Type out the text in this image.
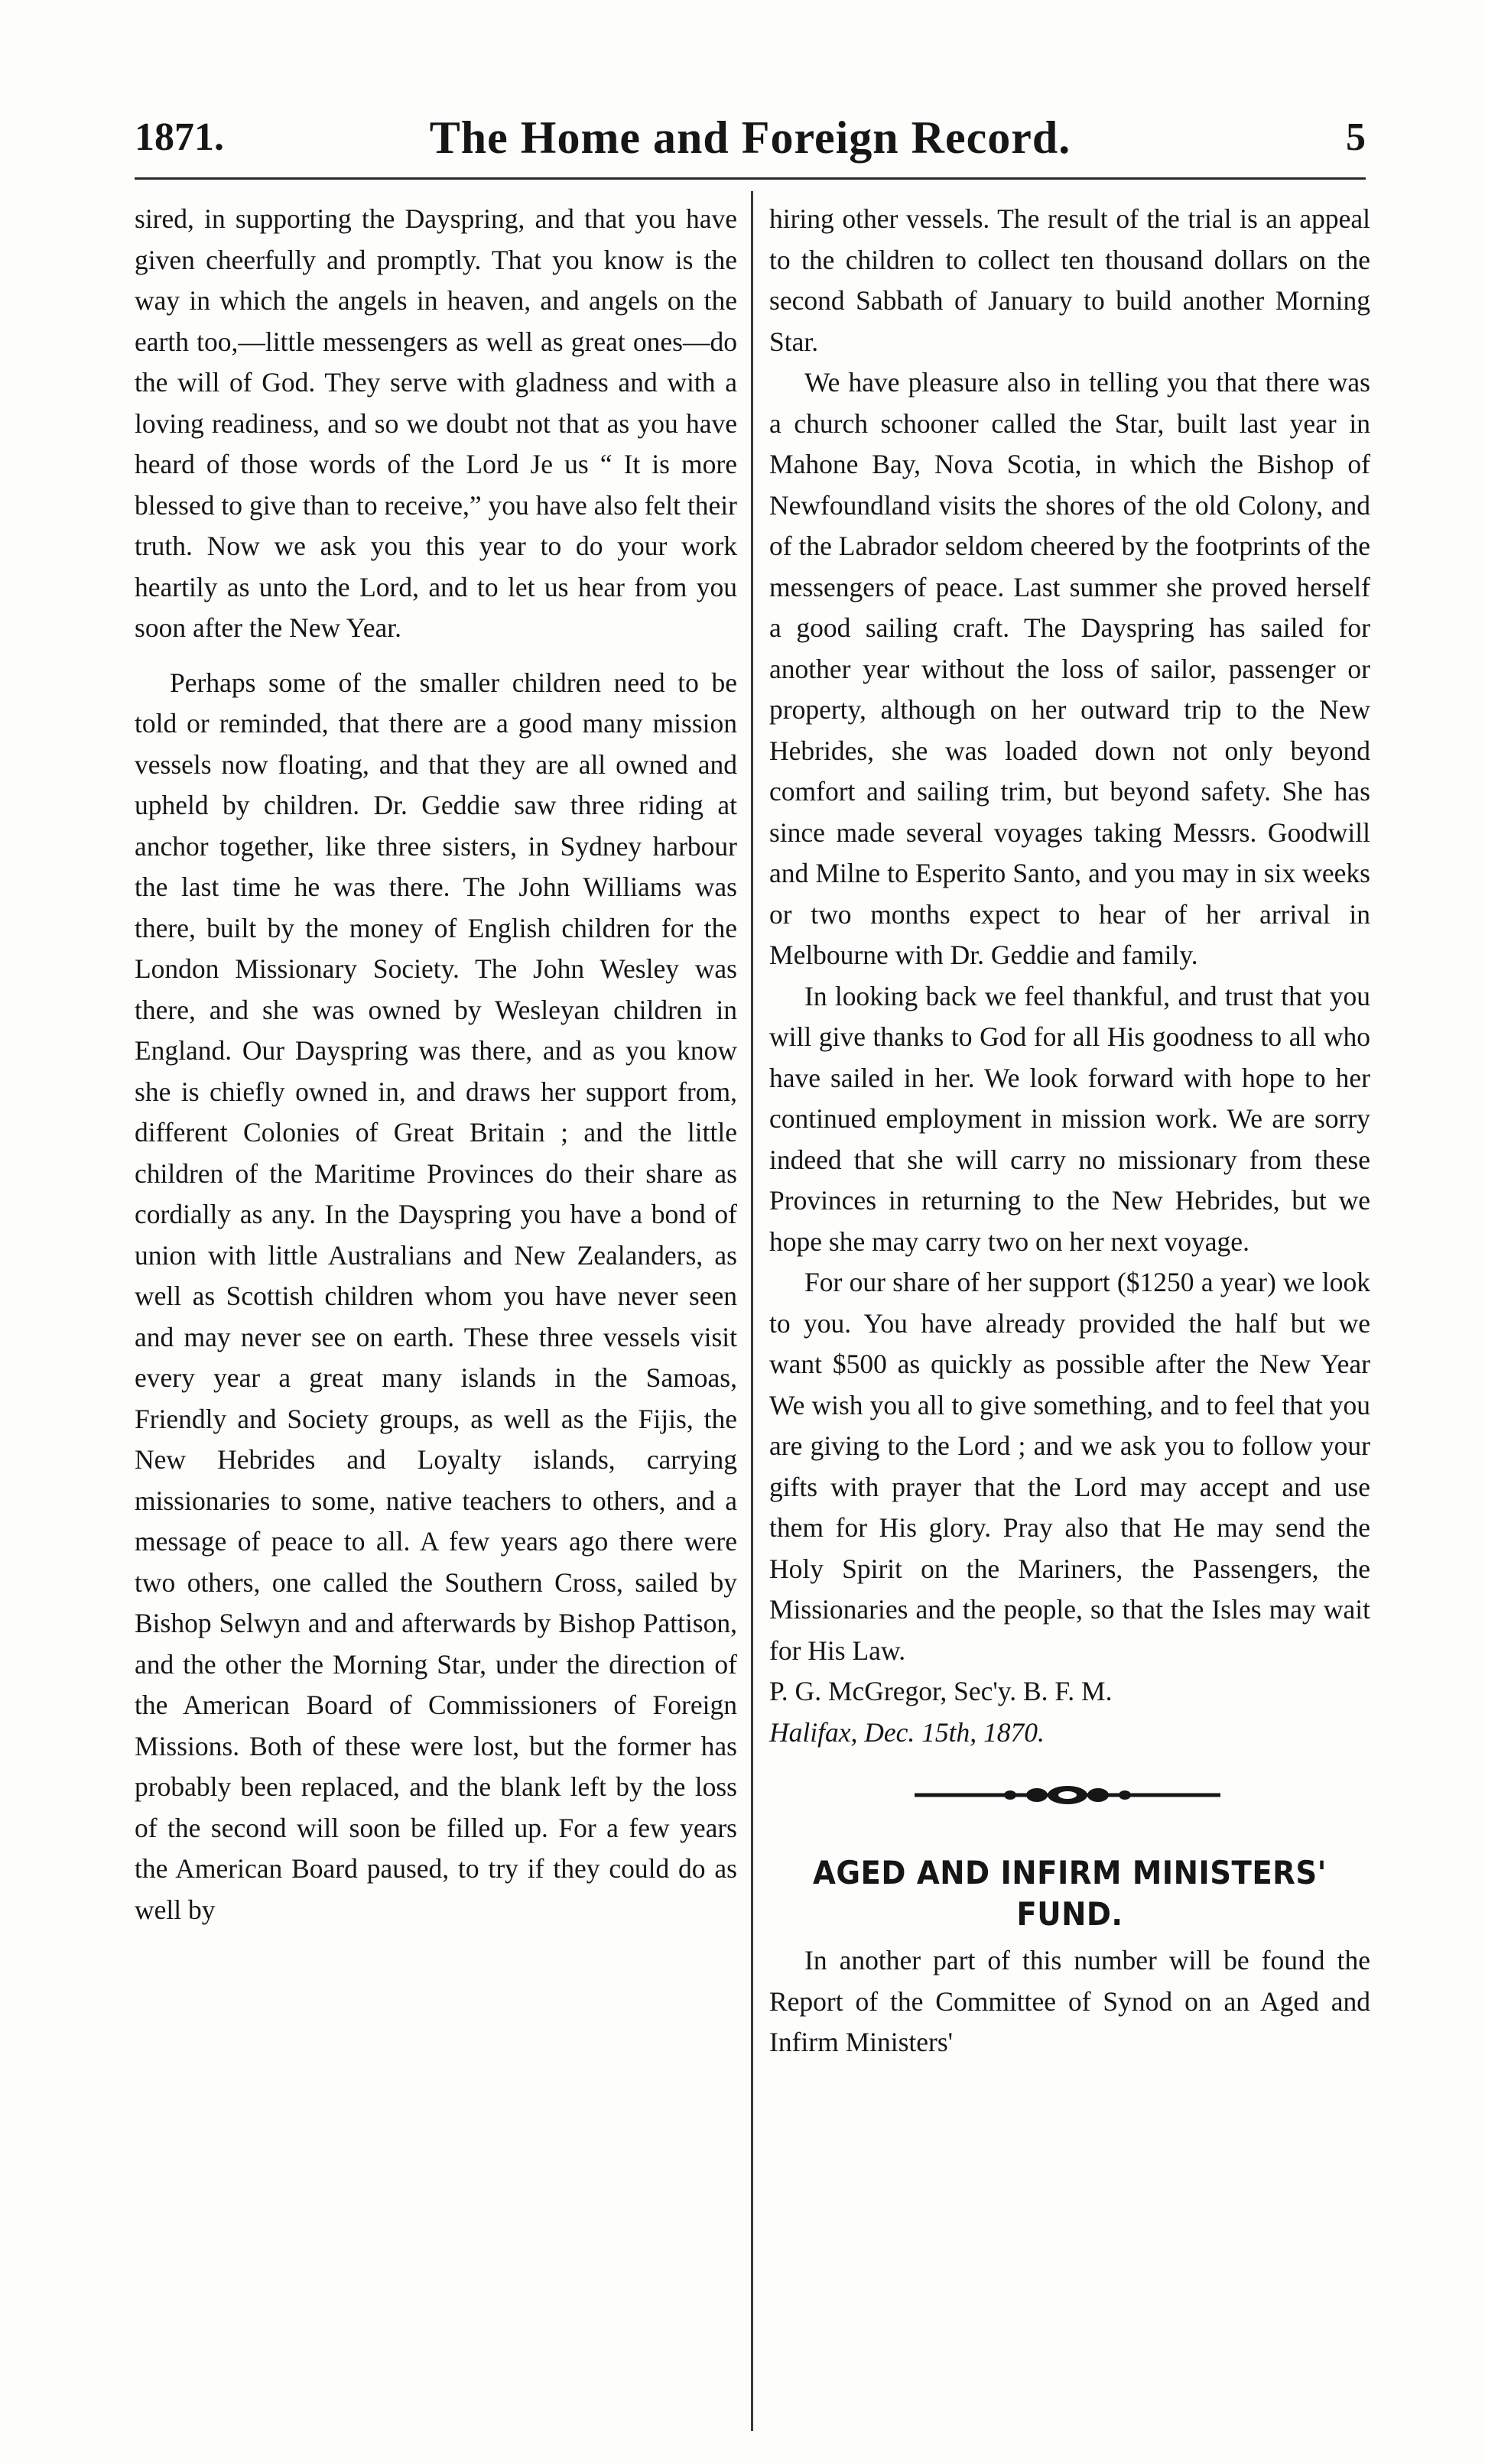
1871.	The Home and Foreign Record.	5

sired, in supporting the Dayspring, and that you have given cheerfully and promptly. That you know is the way in which the angels in heaven, and angels on the earth too,—little messengers as well as great ones—do the will of God. They serve with gladness and with a loving readiness, and so we doubt not that as you have heard of those words of the Lord Je us “ It is more blessed to give than to receive,” you have also felt their truth. Now we ask you this year to do your work heartily as unto the Lord, and to let us hear from you soon after the New Year.

Perhaps some of the smaller children need to be told or reminded, that there are a good many mission vessels now floating, and that they are all owned and upheld by children. Dr. Geddie saw three riding at anchor together, like three sisters, in Sydney harbour the last time he was there. The John Williams was there, built by the money of English children for the London Missionary Society. The John Wesley was there, and she was owned by Wesleyan children in England. Our Dayspring was there, and as you know she is chiefly owned in, and draws her support from, different Colonies of Great Britain ; and the little children of the Maritime Provinces do their share as cordially as any. In the Dayspring you have a bond of union with little Australians and New Zealanders, as well as Scottish children whom you have never seen and may never see on earth. These three vessels visit every year a great many islands in the Samoas, Friendly and Society groups, as well as the Fijis, the New Hebrides and Loyalty islands, carrying missionaries to some, native teachers to others, and a message of peace to all. A few years ago there were two others, one called the Southern Cross, sailed by Bishop Selwyn and and afterwards by Bishop Pattison, and the other the Morning Star, under the direction of the American Board of Commissioners of Foreign Missions. Both of these were lost, but the former has probably been replaced, and the blank left by the loss of the second will soon be filled up. For a few years the American Board paused, to try if they could do as well by

hiring other vessels. The result of the trial is an appeal to the children to collect ten thousand dollars on the second Sabbath of January to build another Morning Star.

We have pleasure also in telling you that there was a church schooner called the Star, built last year in Mahone Bay, Nova Scotia, in which the Bishop of Newfoundland visits the shores of the old Colony, and of the Labrador seldom cheered by the footprints of the messengers of peace. Last summer she proved herself a good sailing craft. The Dayspring has sailed for another year without the loss of sailor, passenger or property, although on her outward trip to the New Hebrides, she was loaded down not only beyond comfort and sailing trim, but beyond safety. She has since made several voyages taking Messrs. Goodwill and Milne to Esperito Santo, and you may in six weeks or two months expect to hear of her arrival in Melbourne with Dr. Geddie and family.

In looking back we feel thankful, and trust that you will give thanks to God for all His goodness to all who have sailed in her. We look forward with hope to her continued employment in mission work. We are sorry indeed that she will carry no missionary from these Provinces in returning to the New Hebrides, but we hope she may carry two on her next voyage.

For our share of her support ($1250 a year) we look to you. You have already provided the half but we want $500 as quickly as possible after the New Year We wish you all to give something, and to feel that you are giving to the Lord ; and we ask you to follow your gifts with prayer that the Lord may accept and use them for His glory. Pray also that He may send the Holy Spirit on the Mariners, the Passengers, the Missionaries and the people, so that the Isles may wait for His Law.

P. G. McGregor, Sec'y. B. F. M.

Halifax, Dec. 15th, 1870.

AGED AND INFIRM MINISTERS' FUND.

In another part of this number will be found the Report of the Committee of Synod on an Aged and Infirm Ministers'
